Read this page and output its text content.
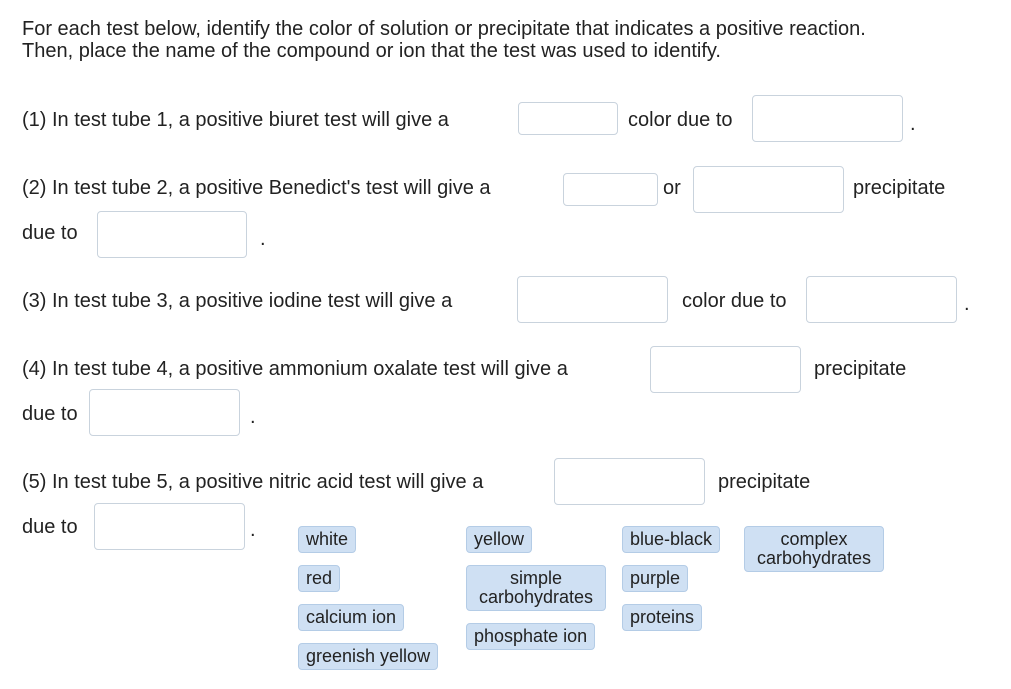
For each test below, identify the color of solution or precipitate that indicates a positive reaction.
Then, place the name of the compound or ion that the test was used to identify.
(1) In test tube 1, a positive biuret test will give a	color due to	.
(2) In test tube 2, a positive Benedict's test will give a	or	precipitate
due to	.
(3) In test tube 3, a positive iodine test will give a	color due to	.
(4) In test tube 4, a positive ammonium oxalate test will give a	precipitate
due to	.
(5) In test tube 5, a positive nitric acid test will give a	precipitate
due to	.	white	yellow	blue-black	complex
carbohydrates
red	simple
carbohydrates
purple
calcium ion	proteins
phosphate ion
greenish yellow
